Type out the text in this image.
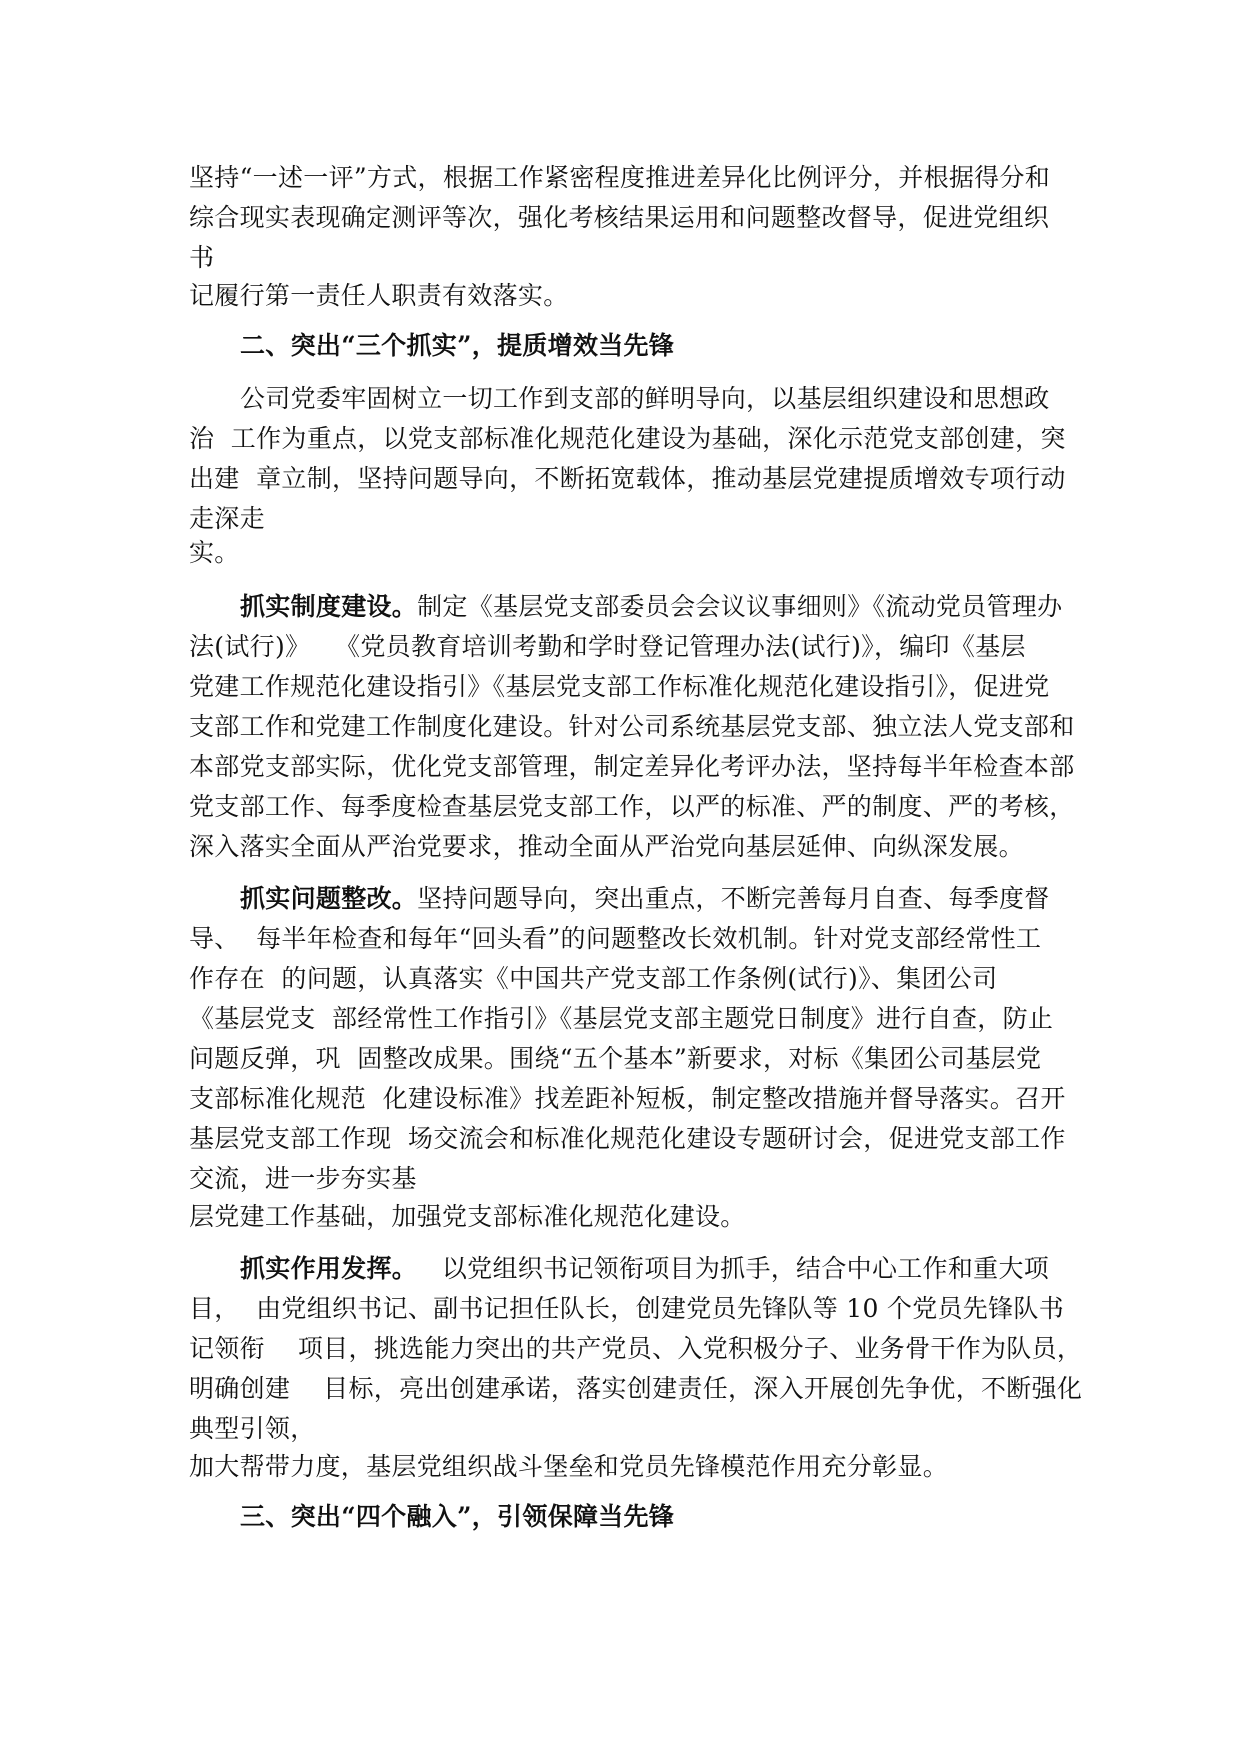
坚持“一述一评”方式，根据工作紧密程度推进差异化比例评分，并根据得分和
综合现实表现确定测评等次，强化考核结果运用和问题整改督导，促进党组织
书
记履行第一责任人职责有效落实。
二、突出“三个抓实”，提质增效当先锋
公司党委牢固树立一切工作到支部的鲜明导向，以基层组织建设和思想政
治  工作为重点，以党支部标准化规范化建设为基础，深化示范党支部创建，突
出建  章立制，坚持问题导向，不断拓宽载体，推动基层党建提质增效专项行动
走深走
实。
抓实制度建设。制定《基层党支部委员会会议议事细则》《流动党员管理办
法(试行)》   《党员教育培训考勤和学时登记管理办法(试行)》，编印《基层
党建工作规范化建设指引》《基层党支部工作标准化规范化建设指引》，促进党
支部工作和党建工作制度化建设。针对公司系统基层党支部、独立法人党支部和
本部党支部实际，优化党支部管理，制定差异化考评办法，坚持每半年检查本部
党支部工作、每季度检查基层党支部工作，以严的标准、严的制度、严的考核，
深入落实全面从严治党要求，推动全面从严治党向基层延伸、向纵深发展。
抓实问题整改。坚持问题导向，突出重点，不断完善每月自查、每季度督
导、  每半年检查和每年“回头看”的问题整改长效机制。针对党支部经常性工
作存在  的问题，认真落实《中国共产党支部工作条例(试行)》、集团公司
《基层党支  部经常性工作指引》《基层党支部主题党日制度》进行自查，防止
问题反弹，巩  固整改成果。围绕“五个基本”新要求，对标《集团公司基层党
支部标准化规范  化建设标准》找差距补短板，制定整改措施并督导落实。召开
基层党支部工作现  场交流会和标准化规范化建设专题研讨会，促进党支部工作
交流，进一步夯实基
层党建工作基础，加强党支部标准化规范化建设。
抓实作用发挥。   以党组织书记领衔项目为抓手，结合中心工作和重大项
目，  由党组织书记、副书记担任队长，创建党员先锋队等 10 个党员先锋队书
记领衔    项目，挑选能力突出的共产党员、入党积极分子、业务骨干作为队员，
明确创建    目标，亮出创建承诺，落实创建责任，深入开展创先争优，不断强化
典型引领，
加大帮带力度，基层党组织战斗堡垒和党员先锋模范作用充分彰显。
三、突出“四个融入”，引领保障当先锋
